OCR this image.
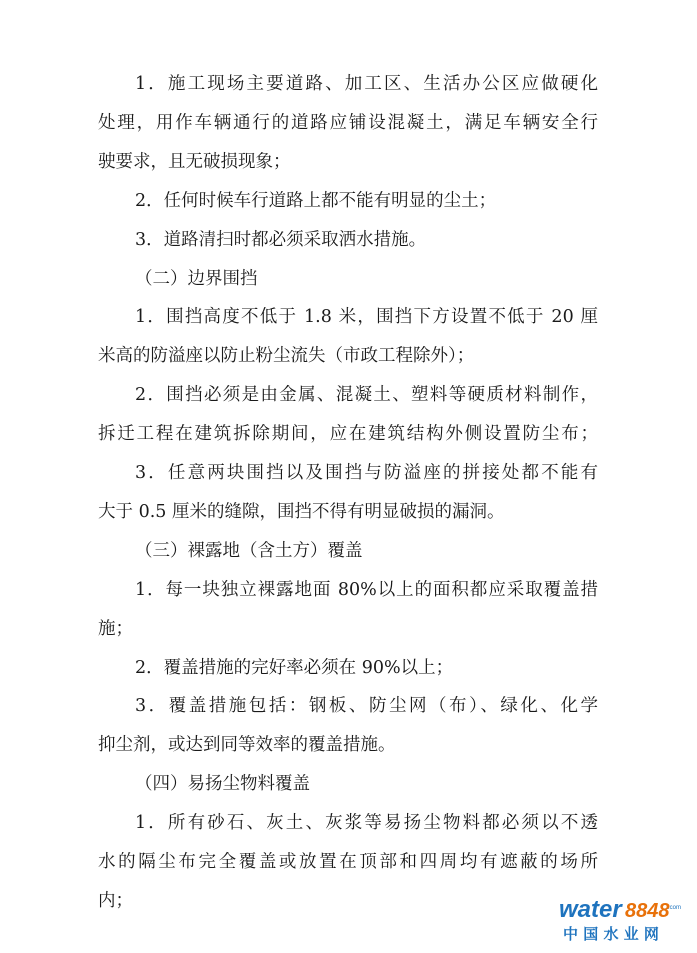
1．施工现场主要道路、加工区、生活办公区应做硬化
处理，用作车辆通行的道路应铺设混凝土，满足车辆安全行
驶要求，且无破损现象；
2．任何时候车行道路上都不能有明显的尘土；
3．道路清扫时都必须采取洒水措施。
（二）边界围挡
1．围挡高度不低于 1.8 米，围挡下方设置不低于 20 厘
米高的防溢座以防止粉尘流失（市政工程除外）；
2．围挡必须是由金属、混凝土、塑料等硬质材料制作，
拆迁工程在建筑拆除期间，应在建筑结构外侧设置防尘布；
3．任意两块围挡以及围挡与防溢座的拼接处都不能有
大于 0.5 厘米的缝隙，围挡不得有明显破损的漏洞。
（三）裸露地（含土方）覆盖
1．每一块独立裸露地面 80%以上的面积都应采取覆盖措
施；
2．覆盖措施的完好率必须在 90%以上；
3．覆盖措施包括：钢板、防尘网（布）、绿化、化学
抑尘剂，或达到同等效率的覆盖措施。
（四）易扬尘物料覆盖
1．所有砂石、灰土、灰浆等易扬尘物料都必须以不透
水的隔尘布完全覆盖或放置在顶部和四周均有遮蔽的场所
内；	water 8848
.com
中 国 水 业 网
